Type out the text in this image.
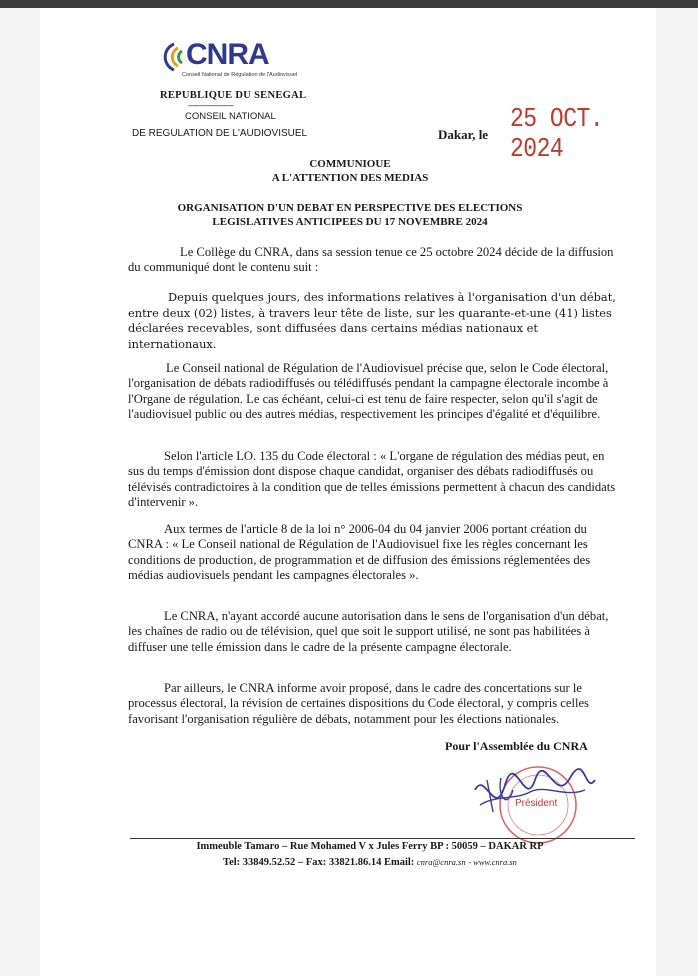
CNRA
Conseil National de Régulation de l'Audiovisuel
REPUBLIQUE DU SENEGAL
---------------------
CONSEIL NATIONAL
DE REGULATION DE L'AUDIOVISUEL	Dakar, le
25 OCT. 2024
COMMUNIOUE
A L'ATTENTION DES MEDIAS
ORGANISATION D'UN DEBAT EN PERSPECTIVE DES ELECTIONS
LEGISLATIVES ANTICIPEES DU 17 NOVEMBRE 2024

Le Collège du CNRA, dans sa session tenue ce 25 octobre 2024 décide de la diffusion du communiqué dont le contenu suit :

Depuis quelques jours, des informations relatives à l'organisation d'un débat, entre deux (02) listes, à travers leur tête de liste, sur les quarante-et-une (41) listes déclarées recevables, sont diffusées dans certains médias nationaux et internationaux.

Le Conseil national de Régulation de l'Audiovisuel précise que, selon le Code électoral, l'organisation de débats radiodiffusés ou télédiffusés pendant la campagne électorale incombe à l'Organe de régulation. Le cas échéant, celui-ci est tenu de faire respecter, selon qu'il s'agit de l'audiovisuel public ou des autres médias, respectivement les principes d'égalité et d'équilibre.

Selon l'article LO. 135 du Code électoral : « L'organe de régulation des médias peut, en sus du temps d'émission dont dispose chaque candidat, organiser des débats radiodiffusés ou télévisés contradictoires à la condition que de telles émissions permettent à chacun des candidats d'intervenir ».

Aux termes de l'article 8 de la loi n° 2006-04 du 04 janvier 2006 portant création du CNRA : « Le Conseil national de Régulation de l'Audiovisuel fixe les règles concernant les conditions de production, de programmation et de diffusion des émissions réglementées des médias audiovisuels pendant les campagnes électorales ».

Le CNRA, n'ayant accordé aucune autorisation dans le sens de l'organisation d'un débat, les chaînes de radio ou de télévision, quel que soit le support utilisé, ne sont pas habilitées à diffuser une telle émission dans le cadre de la présente campagne électorale.

Par ailleurs, le CNRA informe avoir proposé, dans le cadre des concertations sur le processus électoral, la révision de certaines dispositions du Code électoral, y compris celles favorisant l'organisation régulière de débats, notamment pour les élections nationales.

Pour l'Assemblée du CNRA
Président
Immeuble Tamaro – Rue Mohamed V x Jules Ferry BP : 50059 – DAKAR RP
Tel: 33849.52.52 – Fax: 33821.86.14 Email: cnra@cnra.sn - www.cnra.sn
